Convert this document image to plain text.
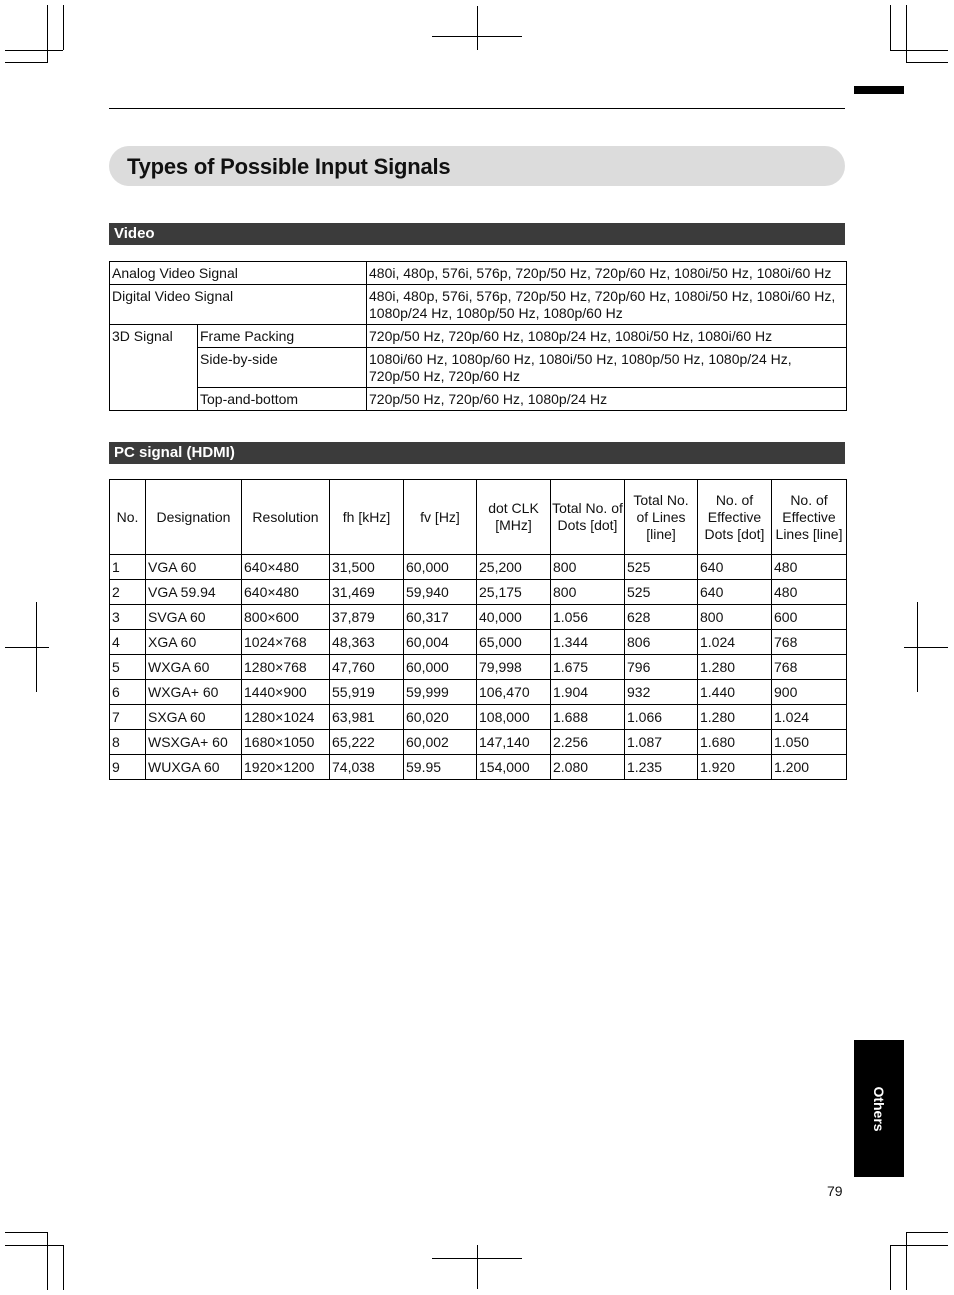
Types of Possible Input Signals
Video
Analog Video Signal		480i, 480p, 576i, 576p, 720p/50 Hz, 720p/60 Hz, 1080i/50 Hz, 1080i/60 Hz
Digital Video Signal		480i, 480p, 576i, 576p, 720p/50 Hz, 720p/60 Hz, 1080i/50 Hz, 1080i/60 Hz, 1080p/24 Hz, 1080p/50 Hz, 1080p/60 Hz
3D Signal	Frame Packing	720p/50 Hz, 720p/60 Hz, 1080p/24 Hz, 1080i/50 Hz, 1080i/60 Hz
	Side-by-side	1080i/60 Hz, 1080p/60 Hz, 1080i/50 Hz, 1080p/50 Hz, 1080p/24 Hz, 720p/50 Hz, 720p/60 Hz
	Top-and-bottom	720p/50 Hz, 720p/60 Hz, 1080p/24 Hz
PC signal (HDMI)
No.	Designation	Resolution	fh [kHz]	fv [Hz]	dot CLK [MHz]	Total No. of Dots [dot]	Total No. of Lines [line]	No. of Effective Dots [dot]	No. of Effective Lines [line]
1	VGA 60	640×480	31,500	60,000	25,200	800	525	640	480
2	VGA 59.94	640×480	31,469	59,940	25,175	800	525	640	480
3	SVGA 60	800×600	37,879	60,317	40,000	1.056	628	800	600
4	XGA 60	1024×768	48,363	60,004	65,000	1.344	806	1.024	768
5	WXGA 60	1280×768	47,760	60,000	79,998	1.675	796	1.280	768
6	WXGA+ 60	1440×900	55,919	59,999	106,470	1.904	932	1.440	900
7	SXGA 60	1280×1024	63,981	60,020	108,000	1.688	1.066	1.280	1.024
8	WSXGA+ 60	1680×1050	65,222	60,002	147,140	2.256	1.087	1.680	1.050
9	WUXGA 60	1920×1200	74,038	59.95	154,000	2.080	1.235	1.920	1.200
Others
79
